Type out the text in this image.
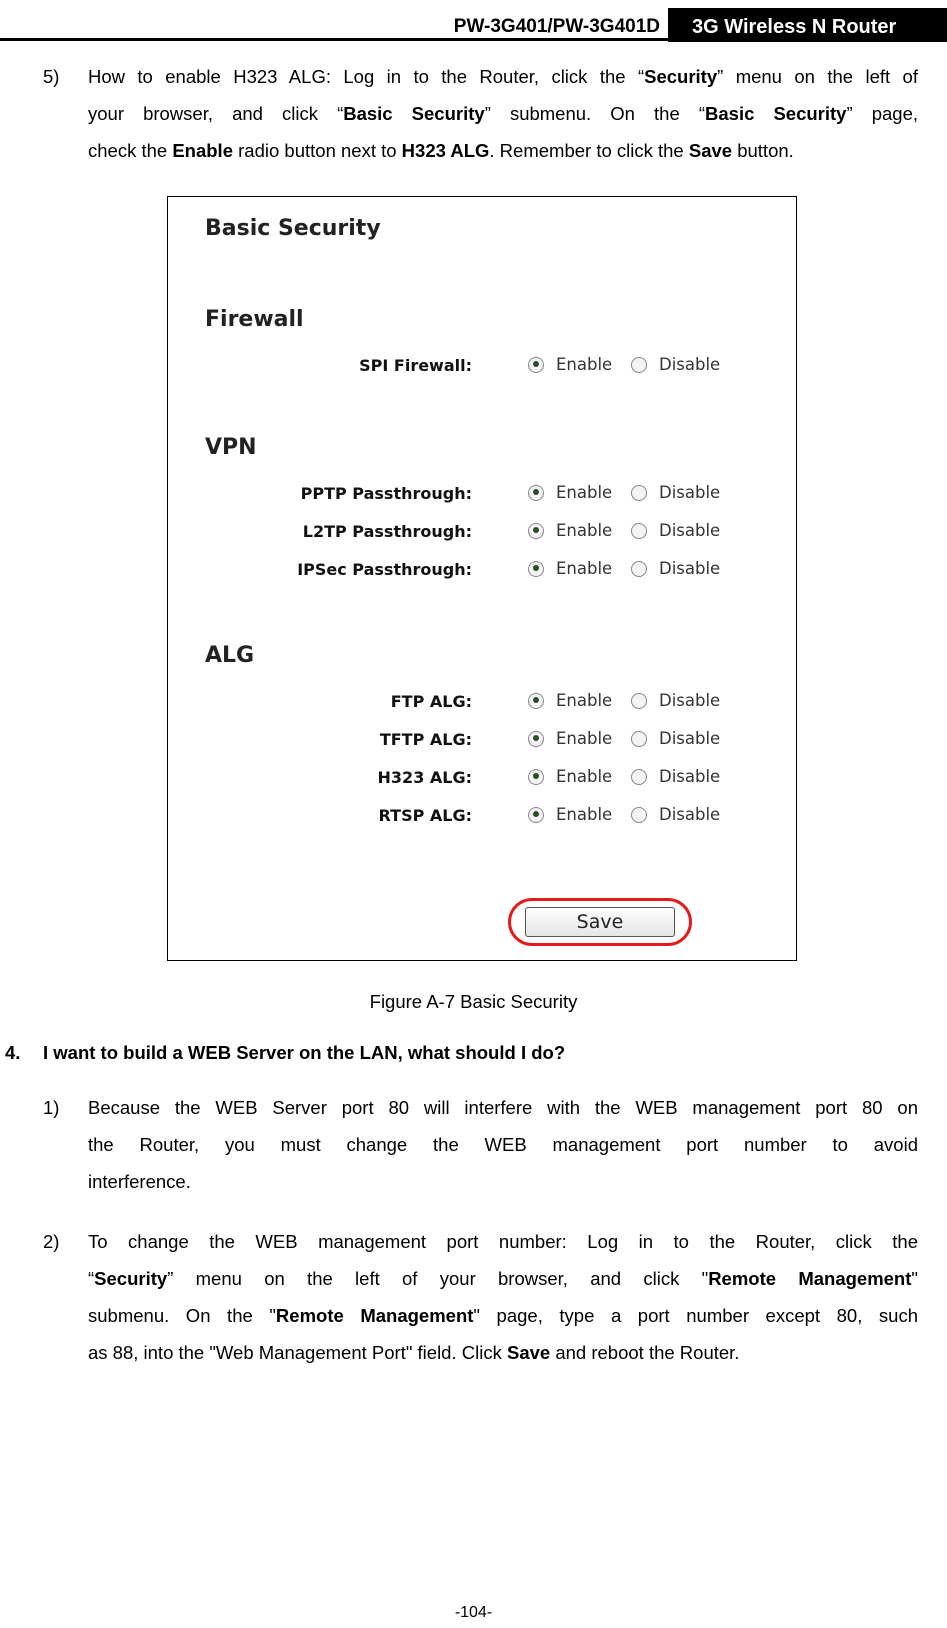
PW-3G401/PW-3G401D 3G Wireless N Router
5) How to enable H323 ALG: Log in to the Router, click the “Security” menu on the left of
your browser, and click “Basic Security” submenu. On the “Basic Security” page,
check the Enable radio button next to H323 ALG. Remember to click the Save button.
Basic Security
Firewall
SPI Firewall:	Enable	Disable
VPN
PPTP Passthrough:	Enable	Disable
L2TP Passthrough:	Enable	Disable
IPSec Passthrough:	Enable	Disable
ALG
FTP ALG:	Enable	Disable
TFTP ALG:	Enable	Disable
H323 ALG:	Enable	Disable
RTSP ALG:	Enable	Disable
Save
Figure A-7 Basic Security
4. I want to build a WEB Server on the LAN, what should I do?
1) Because the WEB Server port 80 will interfere with the WEB management port 80 on
the Router, you must change the WEB management port number to avoid
interference.
2) To change the WEB management port number: Log in to the Router, click the
“Security” menu on the left of your browser, and click "Remote Management"
submenu. On the "Remote Management" page, type a port number except 80, such
as 88, into the "Web Management Port" field. Click Save and reboot the Router.
-104-
